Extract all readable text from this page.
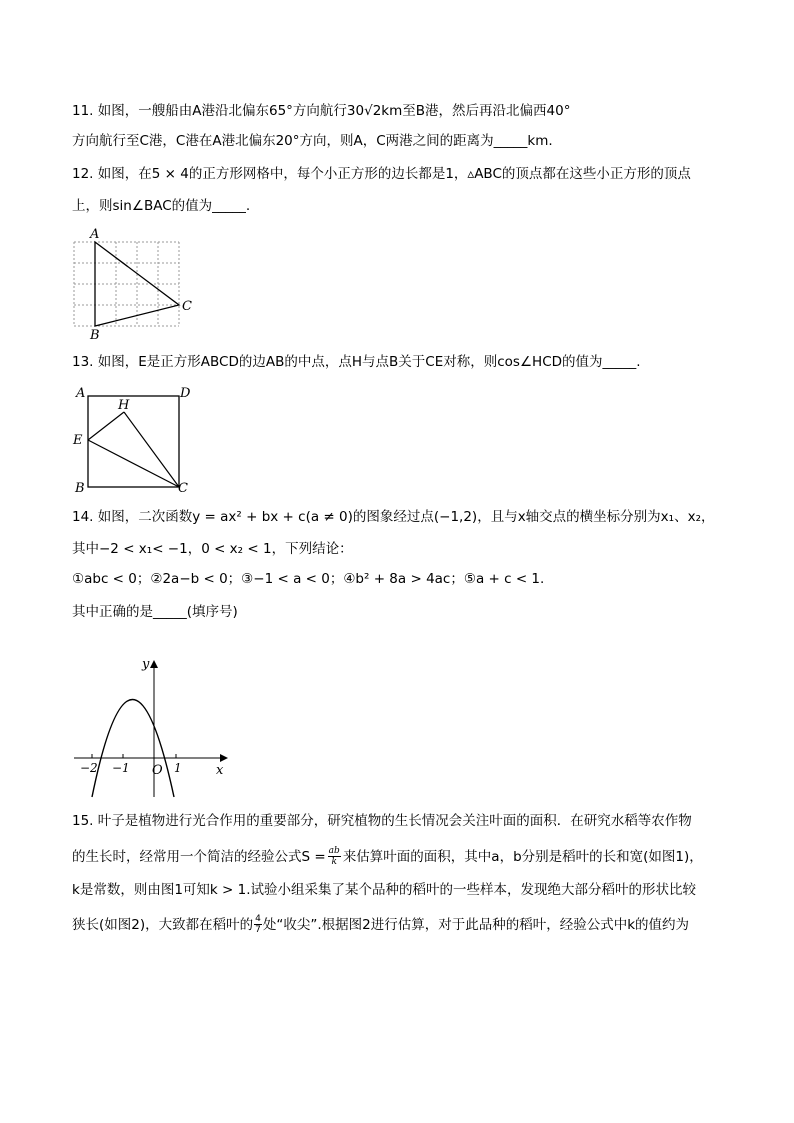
11. 如图，一艘船由A港沿北偏东65°方向航行30√2km至B港，然后再沿北偏西40°
方向航行至C港，C港在A港北偏东20°方向，则A，C两港之间的距离为_____km.
12. 如图，在5 × 4的正方形网格中，每个小正方形的边长都是1，▵ABC的顶点都在这些小正方形的顶点
上，则sin∠BAC的值为_____.
A
B
C
13. 如图，E是正方形ABCD的边AB的中点，点H与点B关于CE对称，则cos∠HCD的值为_____.
A	D
E
H
B	C
14. 如图，二次函数y = ax² + bx + c(a ≠ 0)的图象经过点(−1,2)，且与x轴交点的横坐标分别为x₁、x₂，
其中−2 < x₁< −1，0 < x₂ < 1，下列结论：
①abc < 0；②2a−b < 0；③−1 < a < 0；④b² + 8a > 4ac；⑤a + c < 1.
其中正确的是_____(填序号)
y
x
−2 −1 O 1
15. 叶子是植物进行光合作用的重要部分，研究植物的生长情况会关注叶面的面积．在研究水稻等农作物
的生长时，经常用一个简洁的经验公式$S = \frac{ab}{k}$ 来估算叶面的面积，其中a，b分别是稻叶的长和宽(如图1)，
k是常数，则由图1可知k > 1.试验小组采集了某个品种的稻叶的一些样本，发现绝大部分稻叶的形状比较
狭长(如图2)，大致都在稻叶的 $\frac{4}{7}$ 处“收尖”.根据图2进行估算，对于此品种的稻叶，经验公式中k的值约为
